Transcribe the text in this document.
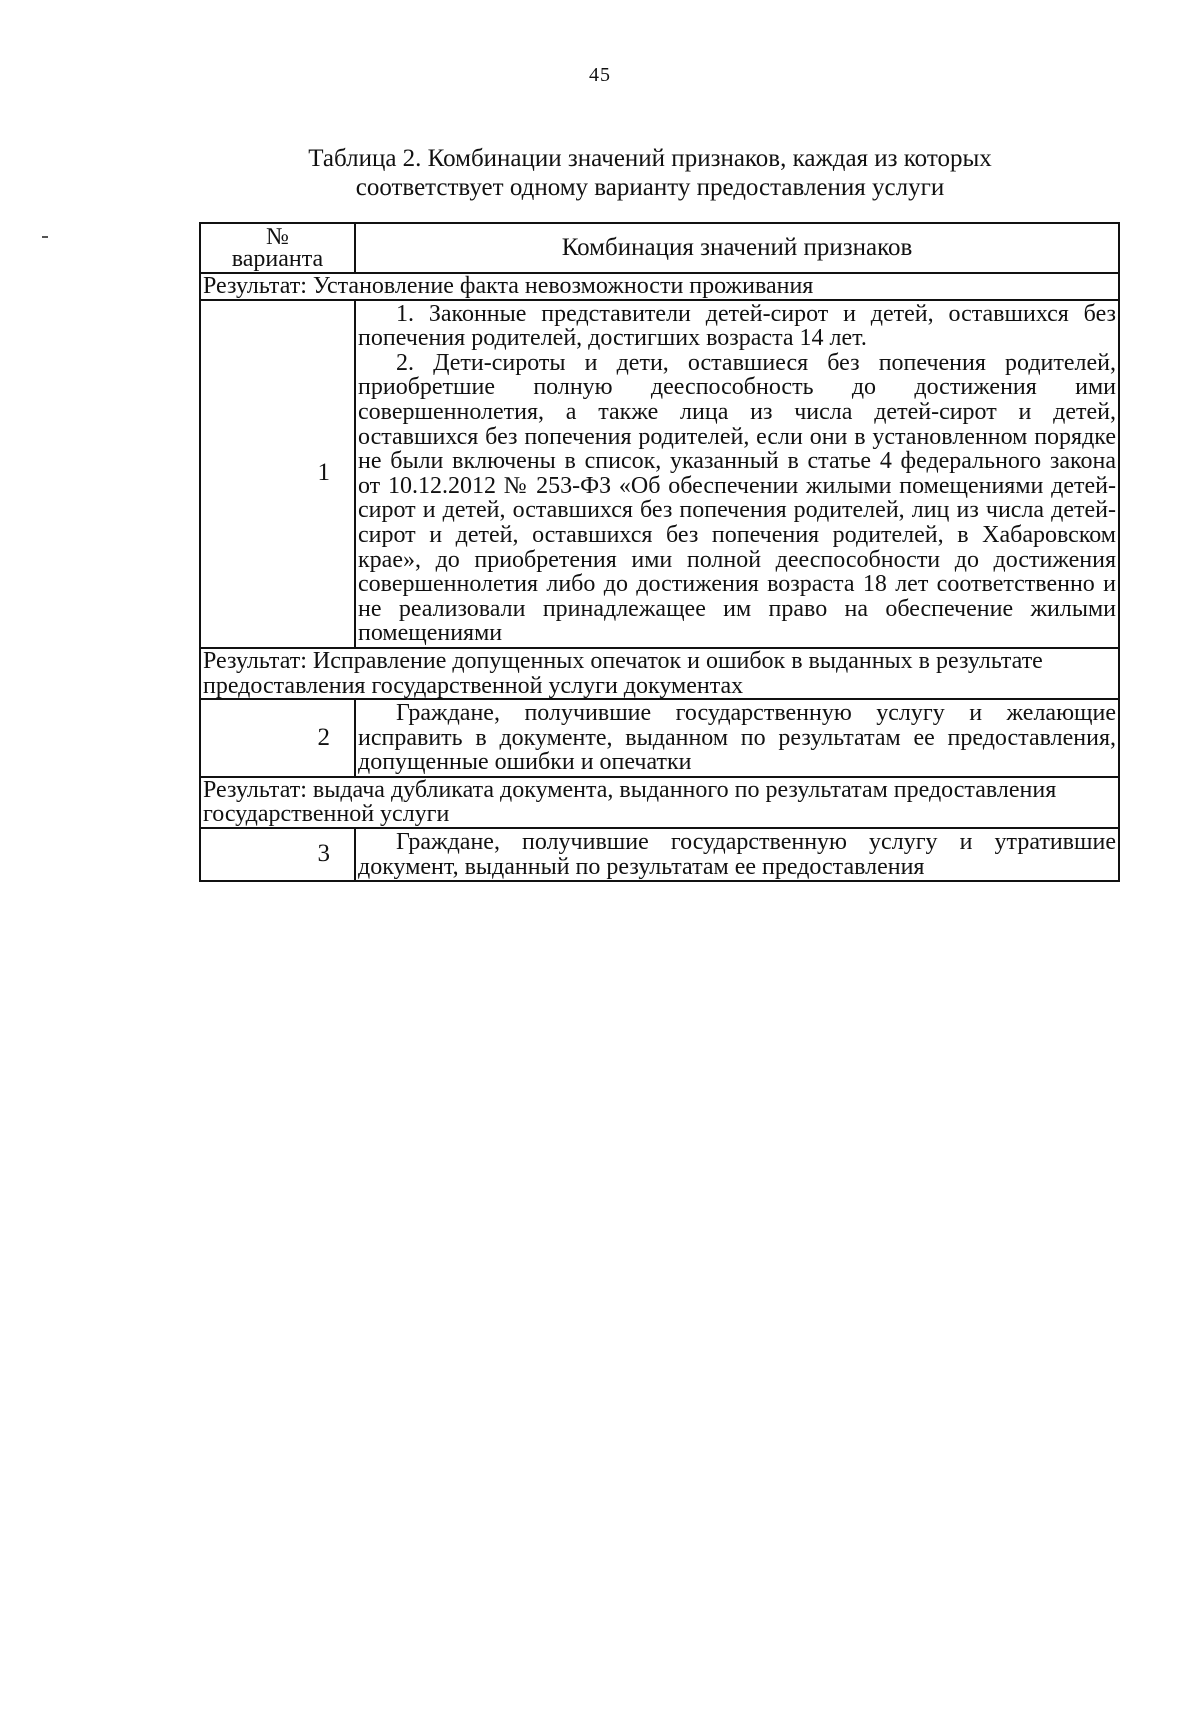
45
Таблица 2. Комбинации значений признаков, каждая из которых
соответствует одному варианту предоставления услуги
№
варианта	Комбинация значений признаков
Результат: Установление факта невозможности проживания	
1	1. Законные представители детей-сирот и детей, оставшихся без попечения родителей, достигших возраста 14 лет.

2. Дети-сироты и дети, оставшиеся без попечения родителей, приобретшие полную дееспособность до достижения ими совершеннолетия, а также лица из числа детей-сирот и детей, оставшихся без попечения родителей, если они в установленном порядке не были включены в список, указанный в статье 4 федерального закона от 10.12.2012 № 253-ФЗ «Об обеспечении жилыми помещениями детей-сирот и детей, оставшихся без попечения родителей, лиц из числа детей-сирот и детей, оставшихся без попечения родителей, в Хабаровском крае», до приобретения ими полной дееспособности до достижения совершеннолетия либо до достижения возраста 18 лет соответственно и не реализовали принадлежащее им право на обеспечение жилыми помещениями

Результат: Исправление допущенных опечаток и ошибок в выданных в результате предоставления государственной услуги документах	
2	Граждане, получившие государственную услугу и желающие исправить в документе, выданном по результатам ее предоставления, допущенные ошибки и опечатки

Результат: выдача дубликата документа, выданного по результатам предоставления государственной услуги	
3	Граждане, получившие государственную услугу и утратившие документ, выданный по результатам ее предоставления
